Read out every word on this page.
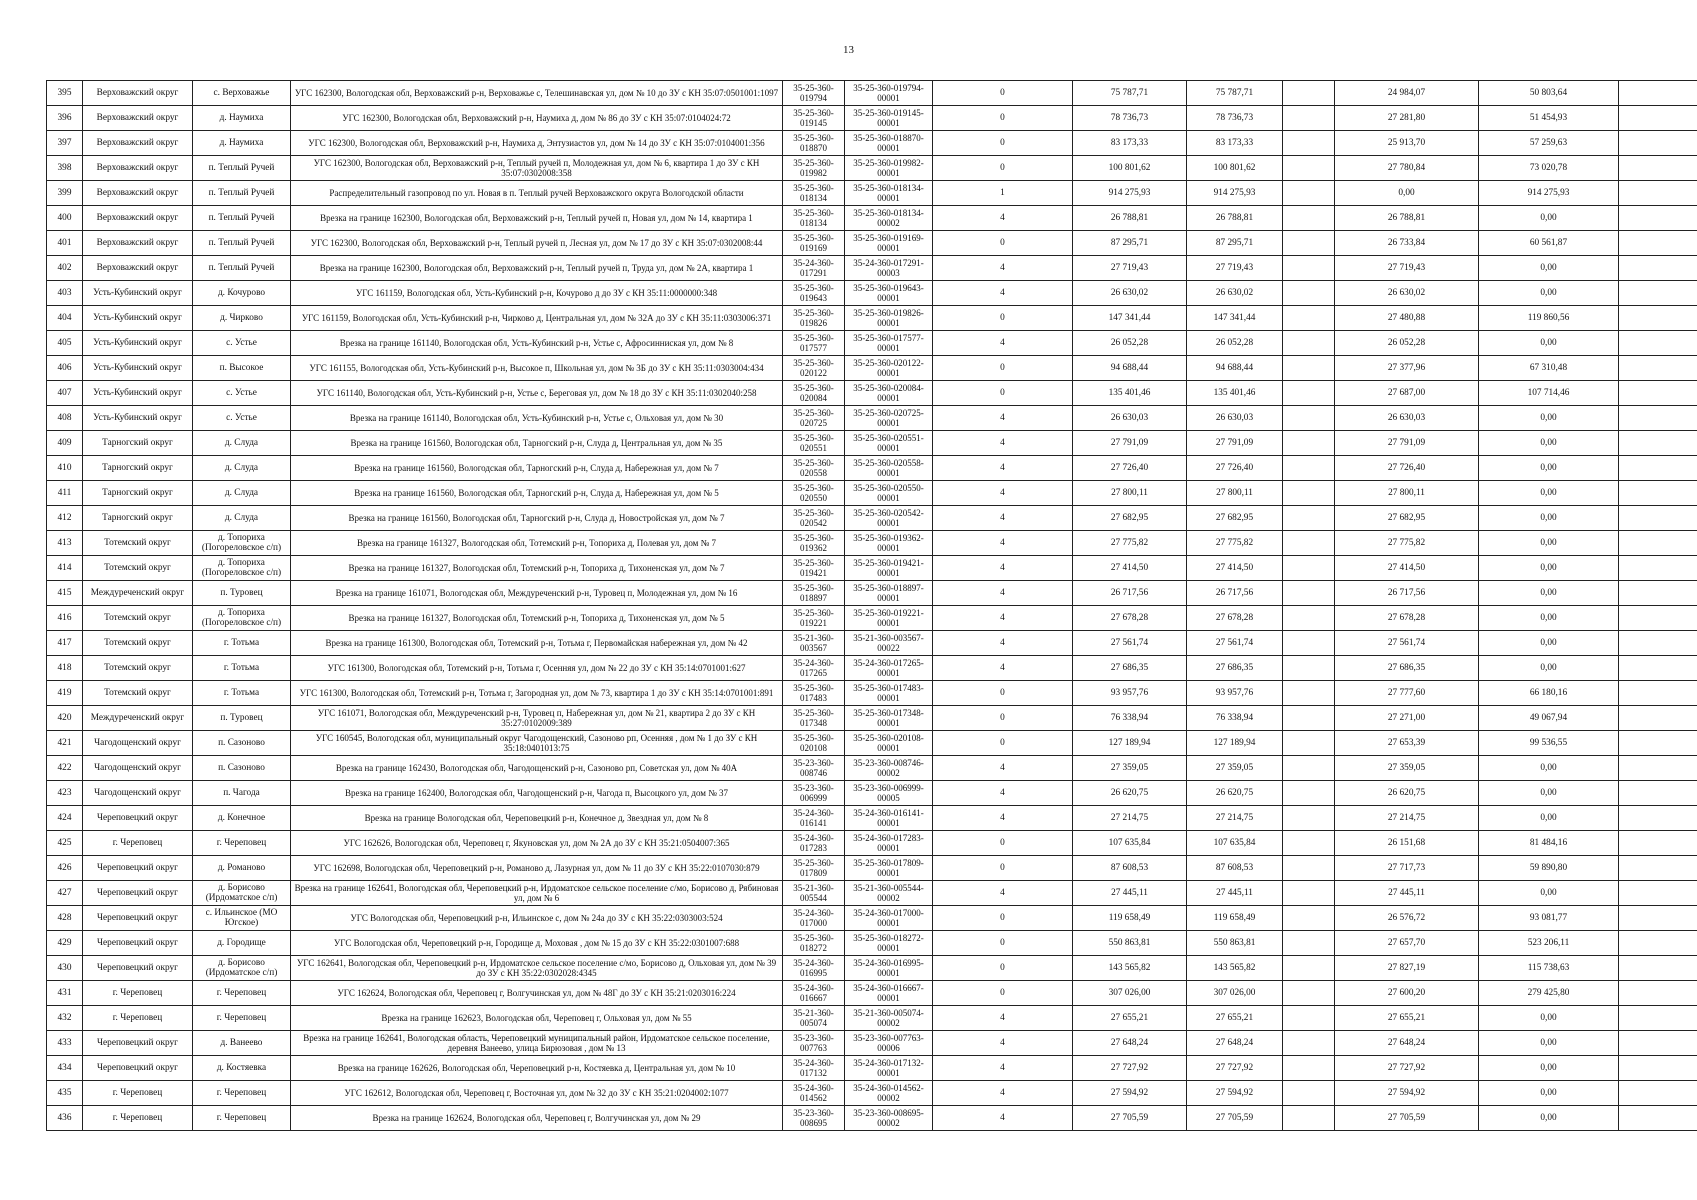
13
395	Верховажский округ	с. Верховажье	УГС 162300, Вологодская обл, Верховажский р-н, Верховажье с, Телешинавская ул, дом № 10 до ЗУ с КН 35:07:0501001:1097	35-25-360-019794	35-25-360-019794-00001	0	75 787,71	75 787,71		24 984,07	50 803,64	
396	Верховажский округ	д. Наумиха	УГС 162300, Вологодская обл, Верховажский р-н, Наумиха д, дом № 86 до ЗУ с КН 35:07:0104024:72	35-25-360-019145	35-25-360-019145-00001	0	78 736,73	78 736,73		27 281,80	51 454,93	
397	Верховажский округ	д. Наумиха	УГС 162300, Вологодская обл, Верховажский р-н, Наумиха д, Энтузиастов ул, дом № 14 до ЗУ с КН 35:07:0104001:356	35-25-360-018870	35-25-360-018870-00001	0	83 173,33	83 173,33		25 913,70	57 259,63	
398	Верховажский округ	п. Теплый Ручей	УГС 162300, Вологодская обл, Верховажский р-н, Теплый ручей п, Молодежная ул, дом № 6, квартира 1 до ЗУ с КН 35:07:0302008:358	35-25-360-019982	35-25-360-019982-00001	0	100 801,62	100 801,62		27 780,84	73 020,78	
399	Верховажский округ	п. Теплый Ручей	Распределительный газопровод по ул. Новая в п. Теплый ручей Верховажского округа Вологодской области	35-25-360-018134	35-25-360-018134-00001	1	914 275,93	914 275,93		0,00	914 275,93	
400	Верховажский округ	п. Теплый Ручей	Врезка на границе 162300, Вологодская обл, Верховажский р-н, Теплый ручей п, Новая ул, дом № 14, квартира 1	35-25-360-018134	35-25-360-018134-00002	4	26 788,81	26 788,81		26 788,81	0,00	
401	Верховажский округ	п. Теплый Ручей	УГС 162300, Вологодская обл, Верховажский р-н, Теплый ручей п, Лесная ул, дом № 17 до ЗУ с КН 35:07:0302008:44	35-25-360-019169	35-25-360-019169-00001	0	87 295,71	87 295,71		26 733,84	60 561,87	
402	Верховажский округ	п. Теплый Ручей	Врезка на границе 162300, Вологодская обл, Верховажский р-н, Теплый ручей п, Труда ул, дом № 2А, квартира 1	35-24-360-017291	35-24-360-017291-00003	4	27 719,43	27 719,43		27 719,43	0,00	
403	Усть-Кубинский округ	д. Кочурово	УГС 161159, Вологодская обл, Усть-Кубинский р-н, Кочурово д до ЗУ с КН 35:11:0000000:348	35-25-360-019643	35-25-360-019643-00001	4	26 630,02	26 630,02		26 630,02	0,00	
404	Усть-Кубинский округ	д. Чирково	УГС 161159, Вологодская обл, Усть-Кубинский р-н, Чирково д, Центральная ул, дом № 32А до ЗУ с КН 35:11:0303006:371	35-25-360-019826	35-25-360-019826-00001	0	147 341,44	147 341,44		27 480,88	119 860,56	
405	Усть-Кубинский округ	с. Устье	Врезка на границе 161140, Вологодская обл, Усть-Кубинский р-н, Устье с, Афросинниская ул, дом № 8	35-25-360-017577	35-25-360-017577-00001	4	26 052,28	26 052,28		26 052,28	0,00	
406	Усть-Кубинский округ	п. Высокое	УГС 161155, Вологодская обл, Усть-Кубинский р-н, Высокое п, Школьная ул, дом № 3Б до ЗУ с КН 35:11:0303004:434	35-25-360-020122	35-25-360-020122-00001	0	94 688,44	94 688,44		27 377,96	67 310,48	
407	Усть-Кубинский округ	с. Устье	УГС 161140, Вологодская обл, Усть-Кубинский р-н, Устье с, Береговая ул, дом № 18 до ЗУ с КН 35:11:0302040:258	35-25-360-020084	35-25-360-020084-00001	0	135 401,46	135 401,46		27 687,00	107 714,46	
408	Усть-Кубинский округ	с. Устье	Врезка на границе 161140, Вологодская обл, Усть-Кубинский р-н, Устье с, Ольховая ул, дом № 30	35-25-360-020725	35-25-360-020725-00001	4	26 630,03	26 630,03		26 630,03	0,00	
409	Тарногский округ	д. Слуда	Врезка на границе 161560, Вологодская обл, Тарногский р-н, Слуда д, Центральная ул, дом № 35	35-25-360-020551	35-25-360-020551-00001	4	27 791,09	27 791,09		27 791,09	0,00	
410	Тарногский округ	д. Слуда	Врезка на границе 161560, Вологодская обл, Тарногский р-н, Слуда д, Набережная ул, дом № 7	35-25-360-020558	35-25-360-020558-00001	4	27 726,40	27 726,40		27 726,40	0,00	
411	Тарногский округ	д. Слуда	Врезка на границе 161560, Вологодская обл, Тарногский р-н, Слуда д, Набережная ул, дом № 5	35-25-360-020550	35-25-360-020550-00001	4	27 800,11	27 800,11		27 800,11	0,00	
412	Тарногский округ	д. Слуда	Врезка на границе 161560, Вологодская обл, Тарногский р-н, Слуда д, Новостройская ул, дом № 7	35-25-360-020542	35-25-360-020542-00001	4	27 682,95	27 682,95		27 682,95	0,00	
413	Тотемский округ	д. Топориха (Погореловское с/п)	Врезка на границе 161327, Вологодская обл, Тотемский р-н, Топориха д, Полевая ул, дом № 7	35-25-360-019362	35-25-360-019362-00001	4	27 775,82	27 775,82		27 775,82	0,00	
414	Тотемский округ	д. Топориха (Погореловское с/п)	Врезка на границе 161327, Вологодская обл, Тотемский р-н, Топориха д, Тихоненская ул, дом № 7	35-25-360-019421	35-25-360-019421-00001	4	27 414,50	27 414,50		27 414,50	0,00	
415	Междуреченский округ	п. Туровец	Врезка на границе 161071, Вологодская обл, Междуреченский р-н, Туровец п, Молодежная ул, дом № 16	35-25-360-018897	35-25-360-018897-00001	4	26 717,56	26 717,56		26 717,56	0,00	
416	Тотемский округ	д. Топориха (Погореловское с/п)	Врезка на границе 161327, Вологодская обл, Тотемский р-н, Топориха д, Тихоненская ул, дом № 5	35-25-360-019221	35-25-360-019221-00001	4	27 678,28	27 678,28		27 678,28	0,00	
417	Тотемский округ	г. Тотьма	Врезка на границе 161300, Вологодская обл, Тотемский р-н, Тотьма г, Первомайская набережная ул, дом № 42	35-21-360-003567	35-21-360-003567-00022	4	27 561,74	27 561,74		27 561,74	0,00	
418	Тотемский округ	г. Тотьма	УГС 161300, Вологодская обл, Тотемский р-н, Тотьма г, Осенняя ул, дом № 22 до ЗУ с КН 35:14:0701001:627	35-24-360-017265	35-24-360-017265-00001	4	27 686,35	27 686,35		27 686,35	0,00	
419	Тотемский округ	г. Тотьма	УГС 161300, Вологодская обл, Тотемский р-н, Тотьма г, Загородная ул, дом № 73, квартира 1 до ЗУ с КН 35:14:0701001:891	35-25-360-017483	35-25-360-017483-00001	0	93 957,76	93 957,76		27 777,60	66 180,16	
420	Междуреченский округ	п. Туровец	УГС 161071, Вологодская обл, Междуреченский р-н, Туровец п, Набережная ул, дом № 21, квартира 2 до ЗУ с КН 35:27:0102009:389	35-25-360-017348	35-25-360-017348-00001	0	76 338,94	76 338,94		27 271,00	49 067,94	
421	Чагодощенский округ	п. Сазоново	УГС 160545, Вологодская обл, муниципальный округ Чагодощенский, Сазоново рп, Осенняя , дом № 1 до ЗУ с КН 35:18:0401013:75	35-25-360-020108	35-25-360-020108-00001	0	127 189,94	127 189,94		27 653,39	99 536,55	
422	Чагодощенский округ	п. Сазоново	Врезка на границе 162430, Вологодская обл, Чагодощенский р-н, Сазоново рп, Советская ул, дом № 40А	35-23-360-008746	35-23-360-008746-00002	4	27 359,05	27 359,05		27 359,05	0,00	
423	Чагодощенский округ	п. Чагода	Врезка на границе 162400, Вологодская обл, Чагодощенский р-н, Чагода п, Высоцкого ул, дом № 37	35-23-360-006999	35-23-360-006999-00005	4	26 620,75	26 620,75		26 620,75	0,00	
424	Череповецкий округ	д. Конечное	Врезка на границе Вологодская обл, Череповецкий р-н, Конечное д, Звездная ул, дом № 8	35-24-360-016141	35-24-360-016141-00001	4	27 214,75	27 214,75		27 214,75	0,00	
425	г. Череповец	г. Череповец	УГС 162626, Вологодская обл, Череповец г, Якуновская ул, дом № 2А до ЗУ с КН 35:21:0504007:365	35-24-360-017283	35-24-360-017283-00001	0	107 635,84	107 635,84		26 151,68	81 484,16	
426	Череповецкий округ	д. Романово	УГС 162698, Вологодская обл, Череповецкий р-н, Романово д, Лазурная ул, дом № 11 до ЗУ с КН 35:22:0107030:879	35-25-360-017809	35-25-360-017809-00001	0	87 608,53	87 608,53		27 717,73	59 890,80	
427	Череповецкий округ	д. Борисово (Ирдоматское с/п)	Врезка на границе 162641, Вологодская обл, Череповецкий р-н, Ирдоматское сельское поселение с/мо, Борисово д, Рябиновая ул, дом № 6	35-21-360-005544	35-21-360-005544-00002	4	27 445,11	27 445,11		27 445,11	0,00	
428	Череповецкий округ	с. Ильинское (МО Югское)	УГС Вологодская обл, Череповецкий р-н, Ильинское с, дом № 24а до ЗУ с КН 35:22:0303003:524	35-24-360-017000	35-24-360-017000-00001	0	119 658,49	119 658,49		26 576,72	93 081,77	
429	Череповецкий округ	д. Городище	УГС Вологодская обл, Череповецкий р-н, Городище д, Моховая , дом № 15 до ЗУ с КН 35:22:0301007:688	35-25-360-018272	35-25-360-018272-00001	0	550 863,81	550 863,81		27 657,70	523 206,11	
430	Череповецкий округ	д. Борисово (Ирдоматское с/п)	УГС 162641, Вологодская обл, Череповецкий р-н, Ирдоматское сельское поселение с/мо, Борисово д, Ольховая ул, дом № 39 до ЗУ с КН 35:22:0302028:4345	35-24-360-016995	35-24-360-016995-00001	0	143 565,82	143 565,82		27 827,19	115 738,63	
431	г. Череповец	г. Череповец	УГС 162624, Вологодская обл, Череповец г, Волгучинская ул, дом № 48Г до ЗУ с КН 35:21:0203016:224	35-24-360-016667	35-24-360-016667-00001	0	307 026,00	307 026,00		27 600,20	279 425,80	
432	г. Череповец	г. Череповец	Врезка на границе 162623, Вологодская обл, Череповец г, Ольховая ул, дом № 55	35-21-360-005074	35-21-360-005074-00002	4	27 655,21	27 655,21		27 655,21	0,00	
433	Череповецкий округ	д. Ванеево	Врезка на границе 162641, Вологодская область, Череповецкий муниципальный район, Ирдоматское сельское поселение, деревня Ванеево, улица Бирюзовая , дом № 13	35-23-360-007763	35-23-360-007763-00006	4	27 648,24	27 648,24		27 648,24	0,00	
434	Череповецкий округ	д. Костяевка	Врезка на границе 162626, Вологодская обл, Череповецкий р-н, Костяевка д, Центральная ул, дом № 10	35-24-360-017132	35-24-360-017132-00001	4	27 727,92	27 727,92		27 727,92	0,00	
435	г. Череповец	г. Череповец	УГС 162612, Вологодская обл, Череповец г, Восточная ул, дом № 32 до ЗУ с КН 35:21:0204002:1077	35-24-360-014562	35-24-360-014562-00002	4	27 594,92	27 594,92		27 594,92	0,00	
436	г. Череповец	г. Череповец	Врезка на границе 162624, Вологодская обл, Череповец г, Волгучинская ул, дом № 29	35-23-360-008695	35-23-360-008695-00002	4	27 705,59	27 705,59		27 705,59	0,00	
